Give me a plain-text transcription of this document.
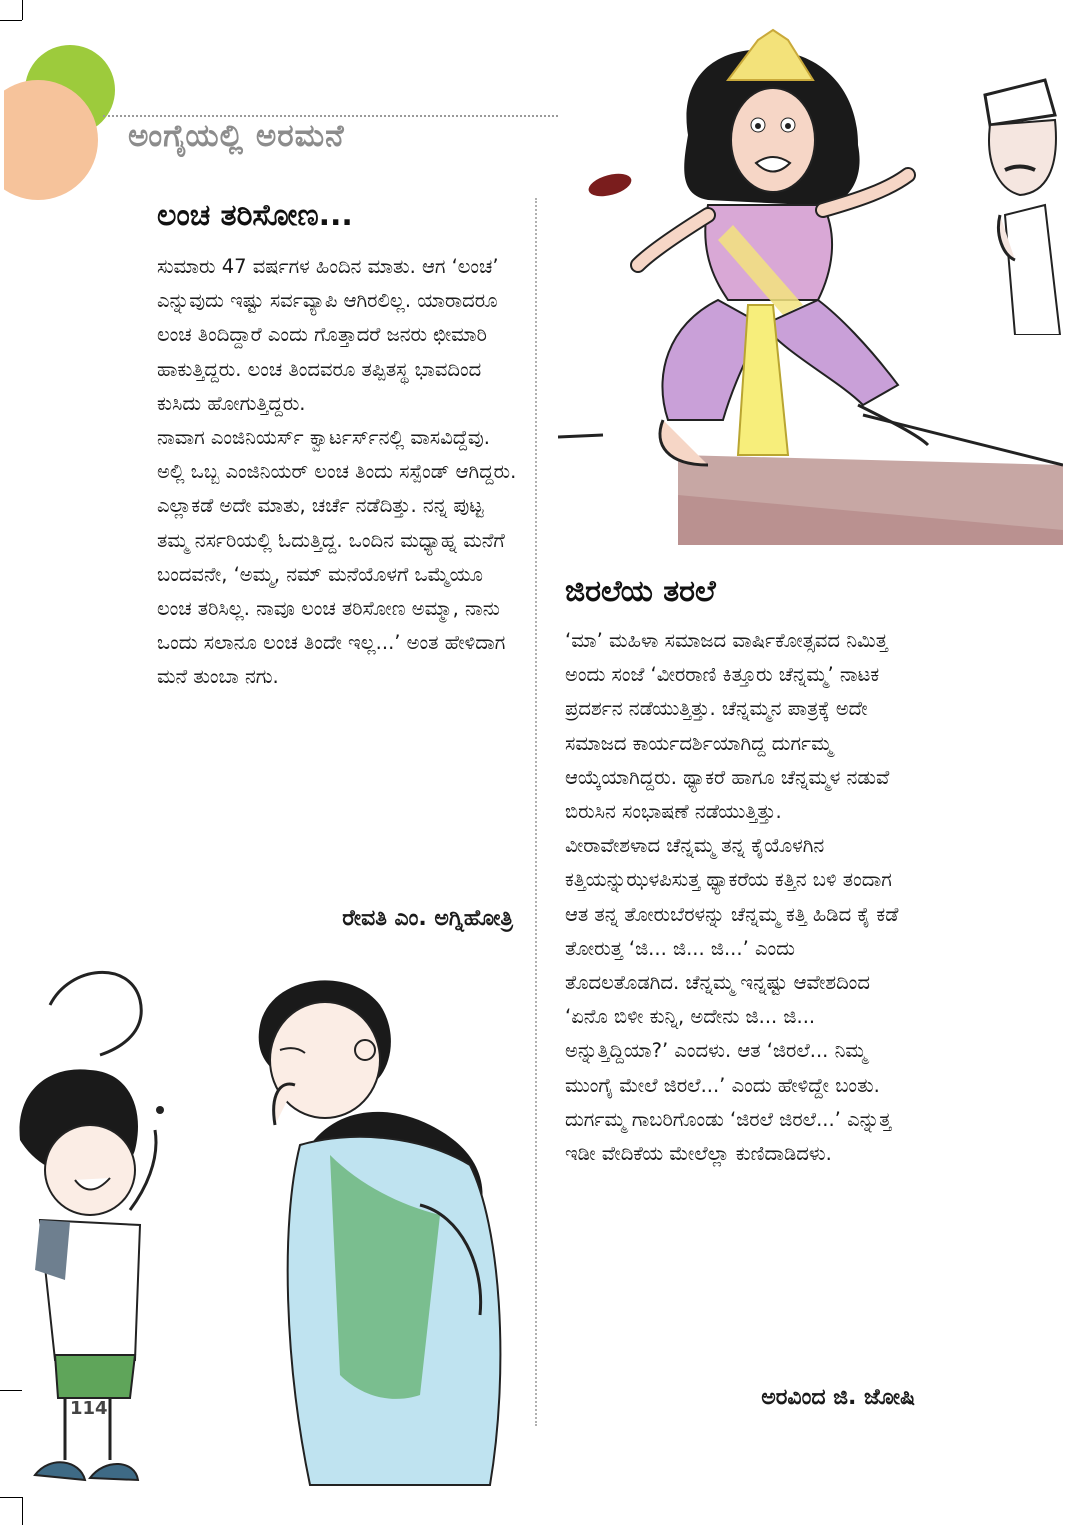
ಅಂಗೈಯಲ್ಲಿ ಅರಮನೆ
ಲಂಚ ತರಿಸೋಣ...

ಸುಮಾರು 47 ವರ್ಷಗಳ ಹಿಂದಿನ ಮಾತು. ಆಗ ‘ಲಂಚ’ ಎನ್ನುವುದು ಇಷ್ಟು ಸರ್ವವ್ಯಾಪಿ ಆಗಿರಲಿಲ್ಲ. ಯಾರಾದರೂ ಲಂಚ ತಿಂದಿದ್ದಾರೆ ಎಂದು ಗೊತ್ತಾದರೆ ಜನರು ಛೀಮಾರಿ ಹಾಕುತ್ತಿದ್ದರು. ಲಂಚ ತಿಂದವರೂ ತಪ್ಪಿತಸ್ಥ ಭಾವದಿಂದ ಕುಸಿದು ಹೋಗುತ್ತಿದ್ದರು.

ನಾವಾಗ ಎಂಜಿನಿಯರ್ಸ್ ಕ್ವಾರ್ಟರ್ಸ್‌ನಲ್ಲಿ ವಾಸವಿದ್ದೆವು. ಅಲ್ಲಿ ಒಬ್ಬ ಎಂಜಿನಿಯರ್ ಲಂಚ ತಿಂದು ಸಸ್ಪೆಂಡ್ ಆಗಿದ್ದರು. ಎಲ್ಲಾಕಡೆ ಅದೇ ಮಾತು, ಚರ್ಚೆ ನಡೆದಿತ್ತು. ನನ್ನ ಪುಟ್ಟ ತಮ್ಮ ನರ್ಸರಿಯಲ್ಲಿ ಓದುತ್ತಿದ್ದ. ಒಂದಿನ ಮಧ್ಯಾಹ್ನ ಮನೆಗೆ ಬಂದವನೇ, ‘ಅಮ್ಮ, ನಮ್ ಮನೆಯೊಳಗೆ ಒಮ್ಮೆಯೂ ಲಂಚ ತರಿಸಿಲ್ಲ. ನಾವೂ ಲಂಚ ತರಿಸೋಣ ಅಮ್ಮಾ, ನಾನು ಒಂದು ಸಲಾನೂ ಲಂಚ ತಿಂದೇ ಇಲ್ಲ...’ ಅಂತ ಹೇಳಿದಾಗ ಮನೆ ತುಂಬಾ ನಗು.

ರೇವತಿ ಎಂ. ಅಗ್ನಿಹೋತ್ರಿ
ಜಿರಲೆಯ ತರಲೆ

‘ಮಾ’ ಮಹಿಳಾ ಸಮಾಜದ ವಾರ್ಷಿಕೋತ್ಸವದ ನಿಮಿತ್ತ ಅಂದು ಸಂಜೆ ‘ವೀರರಾಣಿ ಕಿತ್ತೂರು ಚೆನ್ನಮ್ಮ’ ನಾಟಕ ಪ್ರದರ್ಶನ ನಡೆಯುತ್ತಿತ್ತು. ಚೆನ್ನಮ್ಮನ ಪಾತ್ರಕ್ಕೆ ಅದೇ ಸಮಾಜದ ಕಾರ್ಯದರ್ಶಿಯಾಗಿದ್ದ ದುರ್ಗಮ್ಮ ಆಯ್ಕೆಯಾಗಿದ್ದರು. ಥ್ಯಾಕರೆ ಹಾಗೂ ಚೆನ್ನಮ್ಮಳ ನಡುವೆ ಬಿರುಸಿನ ಸಂಭಾಷಣೆ ನಡೆಯುತ್ತಿತ್ತು.

ವೀರಾವೇಶಳಾದ ಚೆನ್ನಮ್ಮ ತನ್ನ ಕೈಯೊಳಗಿನ ಕತ್ತಿಯನ್ನುಝಳಪಿಸುತ್ತ ಥ್ಯಾಕರೆಯ ಕತ್ತಿನ ಬಳಿ ತಂದಾಗ ಆತ ತನ್ನ ತೋರುಬೆರಳನ್ನು ಚೆನ್ನಮ್ಮ ಕತ್ತಿ ಹಿಡಿದ ಕೈ ಕಡೆ ತೋರುತ್ತ ‘ಜಿ... ಜಿ... ಜಿ...’ ಎಂದು ತೊದಲತೊಡಗಿದ. ಚೆನ್ನಮ್ಮ ಇನ್ನಷ್ಟು ಆವೇಶದಿಂದ ‘ಏನೊ ಬಿಳೀ ಕುನ್ನಿ, ಅದೇನು ಜಿ... ಜಿ... ಅನ್ನುತ್ತಿದ್ದಿಯಾ?’ ಎಂದಳು. ಆತ ‘ಜಿರಲೆ... ನಿಮ್ಮ ಮುಂಗೈ ಮೇಲೆ ಜಿರಲೆ...’ ಎಂದು ಹೇಳಿದ್ದೇ ಬಂತು. ದುರ್ಗಮ್ಮ ಗಾಬರಿಗೊಂಡು ‘ಜಿರಲೆ ಜಿರಲೆ...’ ಎನ್ನುತ್ತ ಇಡೀ ವೇದಿಕೆಯ ಮೇಲೆಲ್ಲಾ ಕುಣಿದಾಡಿದಳು.

ಅರವಿಂದ ಜಿ. ಜೋಷಿ
114
